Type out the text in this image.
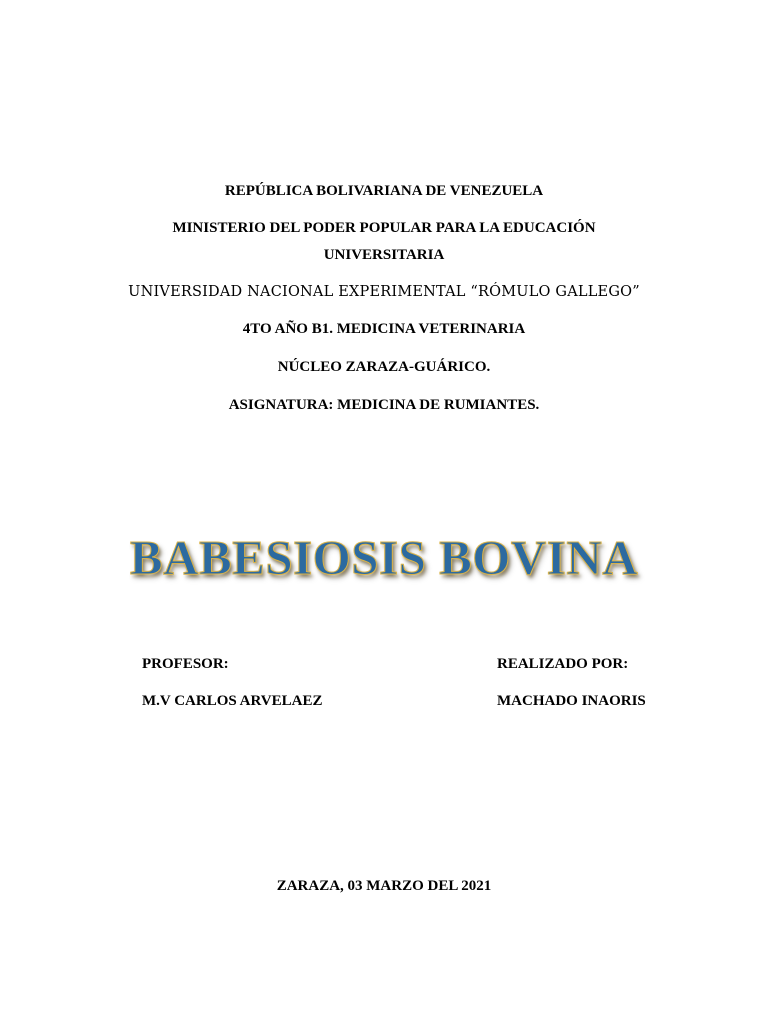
REPÚBLICA BOLIVARIANA DE VENEZUELA
MINISTERIO DEL PODER POPULAR PARA LA EDUCACIÓN
UNIVERSITARIA
UNIVERSIDAD NACIONAL EXPERIMENTAL “RÓMULO GALLEGO”
4TO AÑO B1. MEDICINA VETERINARIA
NÚCLEO ZARAZA-GUÁRICO.
ASIGNATURA: MEDICINA DE RUMIANTES.
BABESIOSIS BOVINA
PROFESOR:
M.V CARLOS ARVELAEZ
REALIZADO POR:
MACHADO INAORIS
ZARAZA, 03 MARZO DEL 2021
